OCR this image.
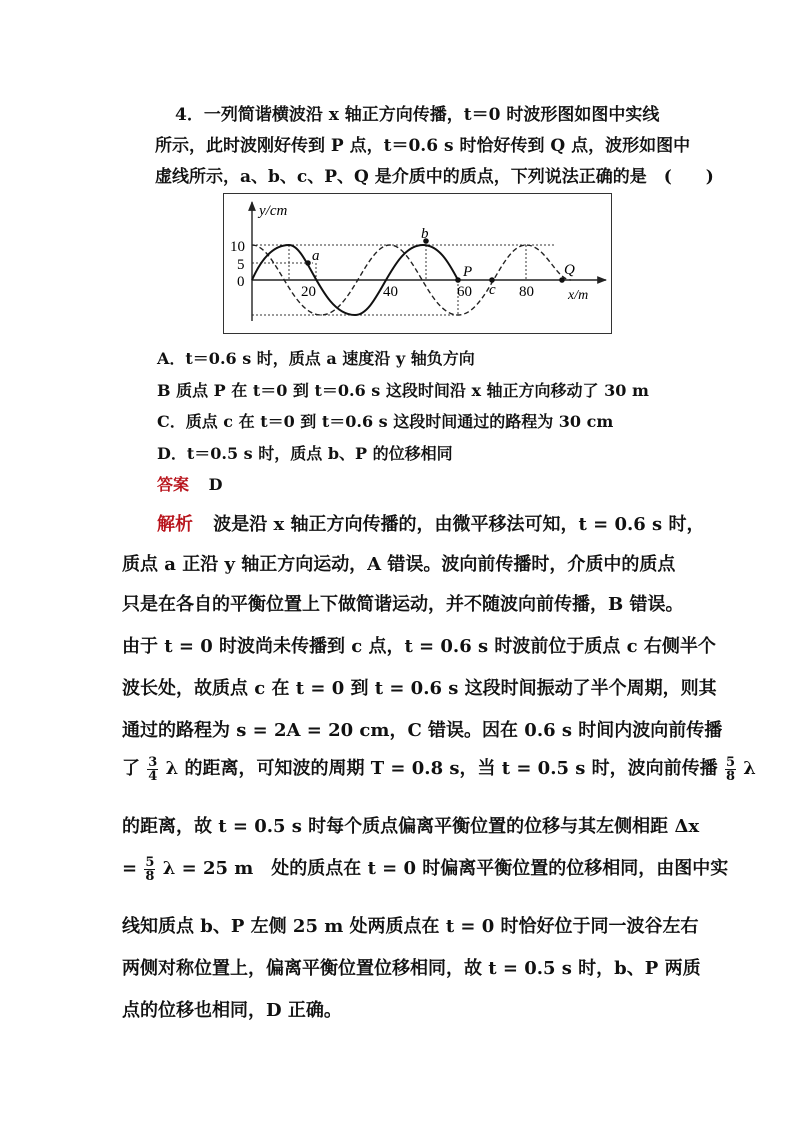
4．一列简谐横波沿 x 轴正方向传播，t＝0 时波形图如图中实线
所示，此时波刚好传到 P 点，t＝0.6 s 时恰好传到 Q 点，波形如图中
虚线所示，a、b、c、P、Q 是介质中的质点，下列说法正确的是　(　　)
y/cm
x/m
10
5
0
20	40	60	80
a
b
P
c
Q
A．t＝0.6 s 时，质点 a 速度沿 y 轴负方向
B 质点 P 在 t＝0 到 t＝0.6 s 这段时间沿 x 轴正方向移动了 30 m
C．质点 c 在 t＝0 到 t＝0.6 s 这段时间通过的路程为 30 cm
D．t＝0.5 s 时，质点 b、P 的位移相同
答案 D
解析 波是沿 x 轴正方向传播的，由微平移法可知，t = 0.6 s 时，
质点 a 正沿 y 轴正方向运动，A 错误。波向前传播时，介质中的质点
只是在各自的平衡位置上下做简谐运动，并不随波向前传播，B 错误。
由于 t = 0 时波尚未传播到 c 点，t = 0.6 s 时波前位于质点 c 右侧半个
波长处，故质点 c 在 t = 0 到 t = 0.6 s 这段时间振动了半个周期，则其
通过的路程为 s = 2A = 20 cm，C 错误。因在 0.6 s 时间内波向前传播
了 $\frac{3}{4}$ λ 的距离，可知波的周期 T = 0.8 s，当 t = 0.5 s 时，波向前传播 $\frac{5}{8}$ λ
的距离，故 t = 0.5 s 时每个质点偏离平衡位置的位移与其左侧相距 Δx
= $\frac{5}{8}$ λ = 25 m　处的质点在 t = 0 时偏离平衡位置的位移相同，由图中实
线知质点 b、P 左侧 25 m 处两质点在 t = 0 时恰好位于同一波谷左右
两侧对称位置上，偏离平衡位置位移相同，故 t = 0.5 s 时，b、P 两质
点的位移也相同，D 正确。
